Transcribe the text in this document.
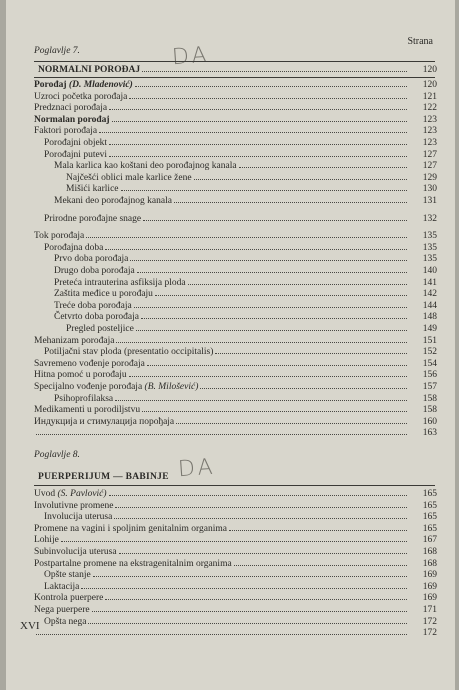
Strana
Poglavlje 7.	DA
NORMALNI POROĐAJ	120
Porođaj (D. Mladenović)	120
Uzroci početka porođaja	121
Predznaci porođaja	122
Normalan porođaj	123
Faktori porođaja	123
Porođajni objekt	123
Porođajni putevi	127
Mala karlica kao koštani deo porođajnog kanala	127
Najčešći oblici male karlice žene	129
Mišići karlice	130
Mekani deo porođajnog kanala	131
Prirodne porođajne snage	132
Tok porođaja	135
Porođajna doba	135
Prvo doba porođaja	135
Drugo doba porođaja	140
Preteća intrauterina asfiksija ploda	141
Zaštita međice u porođaju	142
Treće doba porođaja	144
Četvrto doba porođaja	148
Pregled posteljice	149
Mehanizam porođaja	151
Potiljačni stav ploda (presentatio occipitalis)	152
Savremeno vođenje porođaja	154
Hitna pomoć u porođaju	156
Specijalno vođenje porođaja (B. Milošević)	157
Psihoprofilaksa	158
Medikamenti u porodiljstvu	158
Индукција и стимулација порођаја	160
163
Poglavlje 8.	DA
PUERPERIJUM — BABINJE
Uvod (S. Pavlović)	165
Involutivne promene	165
Involucija uterusa	165
Promene na vagini i spoljnim genitalnim organima	165
Lohije	167
Subinvolucija uterusa	168
Postpartalne promene na ekstragenitalnim organima	168
Opšte stanje	169
Laktacija	169
Kontrola puerpere	169
Nega puerpere	171
Opšta nega	172
172
XVI
